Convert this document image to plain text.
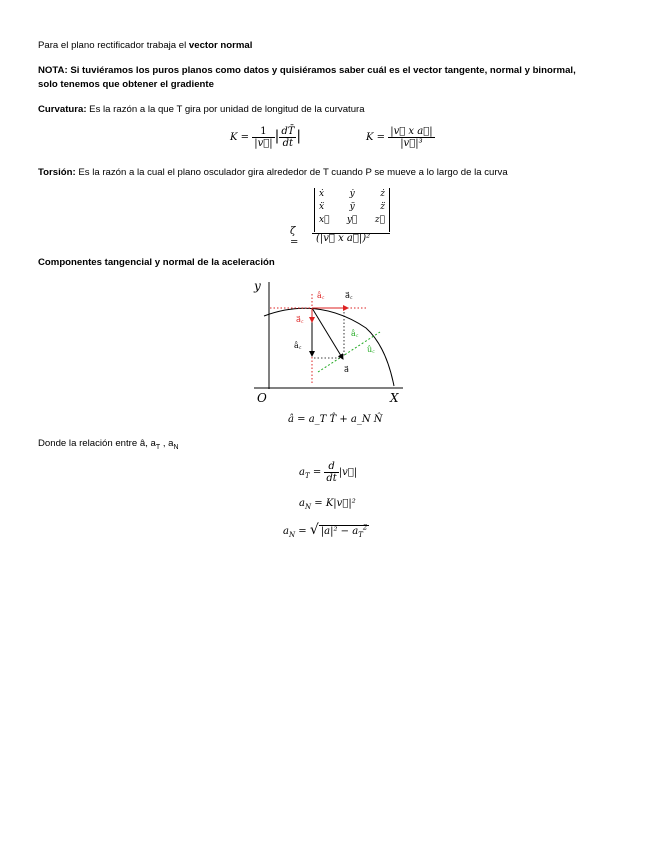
Para el plano rectificador trabaja el vector normal
NOTA: Si tuviéramos los puros planos como datos y quisiéramos saber cuál es el vector tangente, normal y binormal,
solo tenemos que obtener el gradiente
Curvatura: Es la razón a la que T gira por unidad de longitud de la curvatura
$K = \frac{1}{|v⃗|}$ | $\frac{dT̄}{dt}$ |	$K = \frac{\text{|v⃗ x a⃗|}}{\text{|v⃗|³}}$
Torsión: Es la razón a la cual el plano osculador gira alrededor de T cuando P se mueve a lo largo de la curva
ζ =
ẋ	ẏ	ż
ẍ	ÿ	z̈
x⃛ y⃛ z⃛
(|v⃗ x a⃗|)²
Componentes tangencial y normal de la aceleración
y
X
O
â꜀	a⃗꜀
a⃗꜀
â꜀
a⃗
â꜀
û꜀
â = a_T T̂ + a_N N̂
Donde la relación entre â, $a_T$ , $a_N$
$a_T = \frac{d}{dt}$ |v⃗|
$a_N$ = K|v⃗|²
$a_N$ = √ $|a|^2 - a_T^2$
